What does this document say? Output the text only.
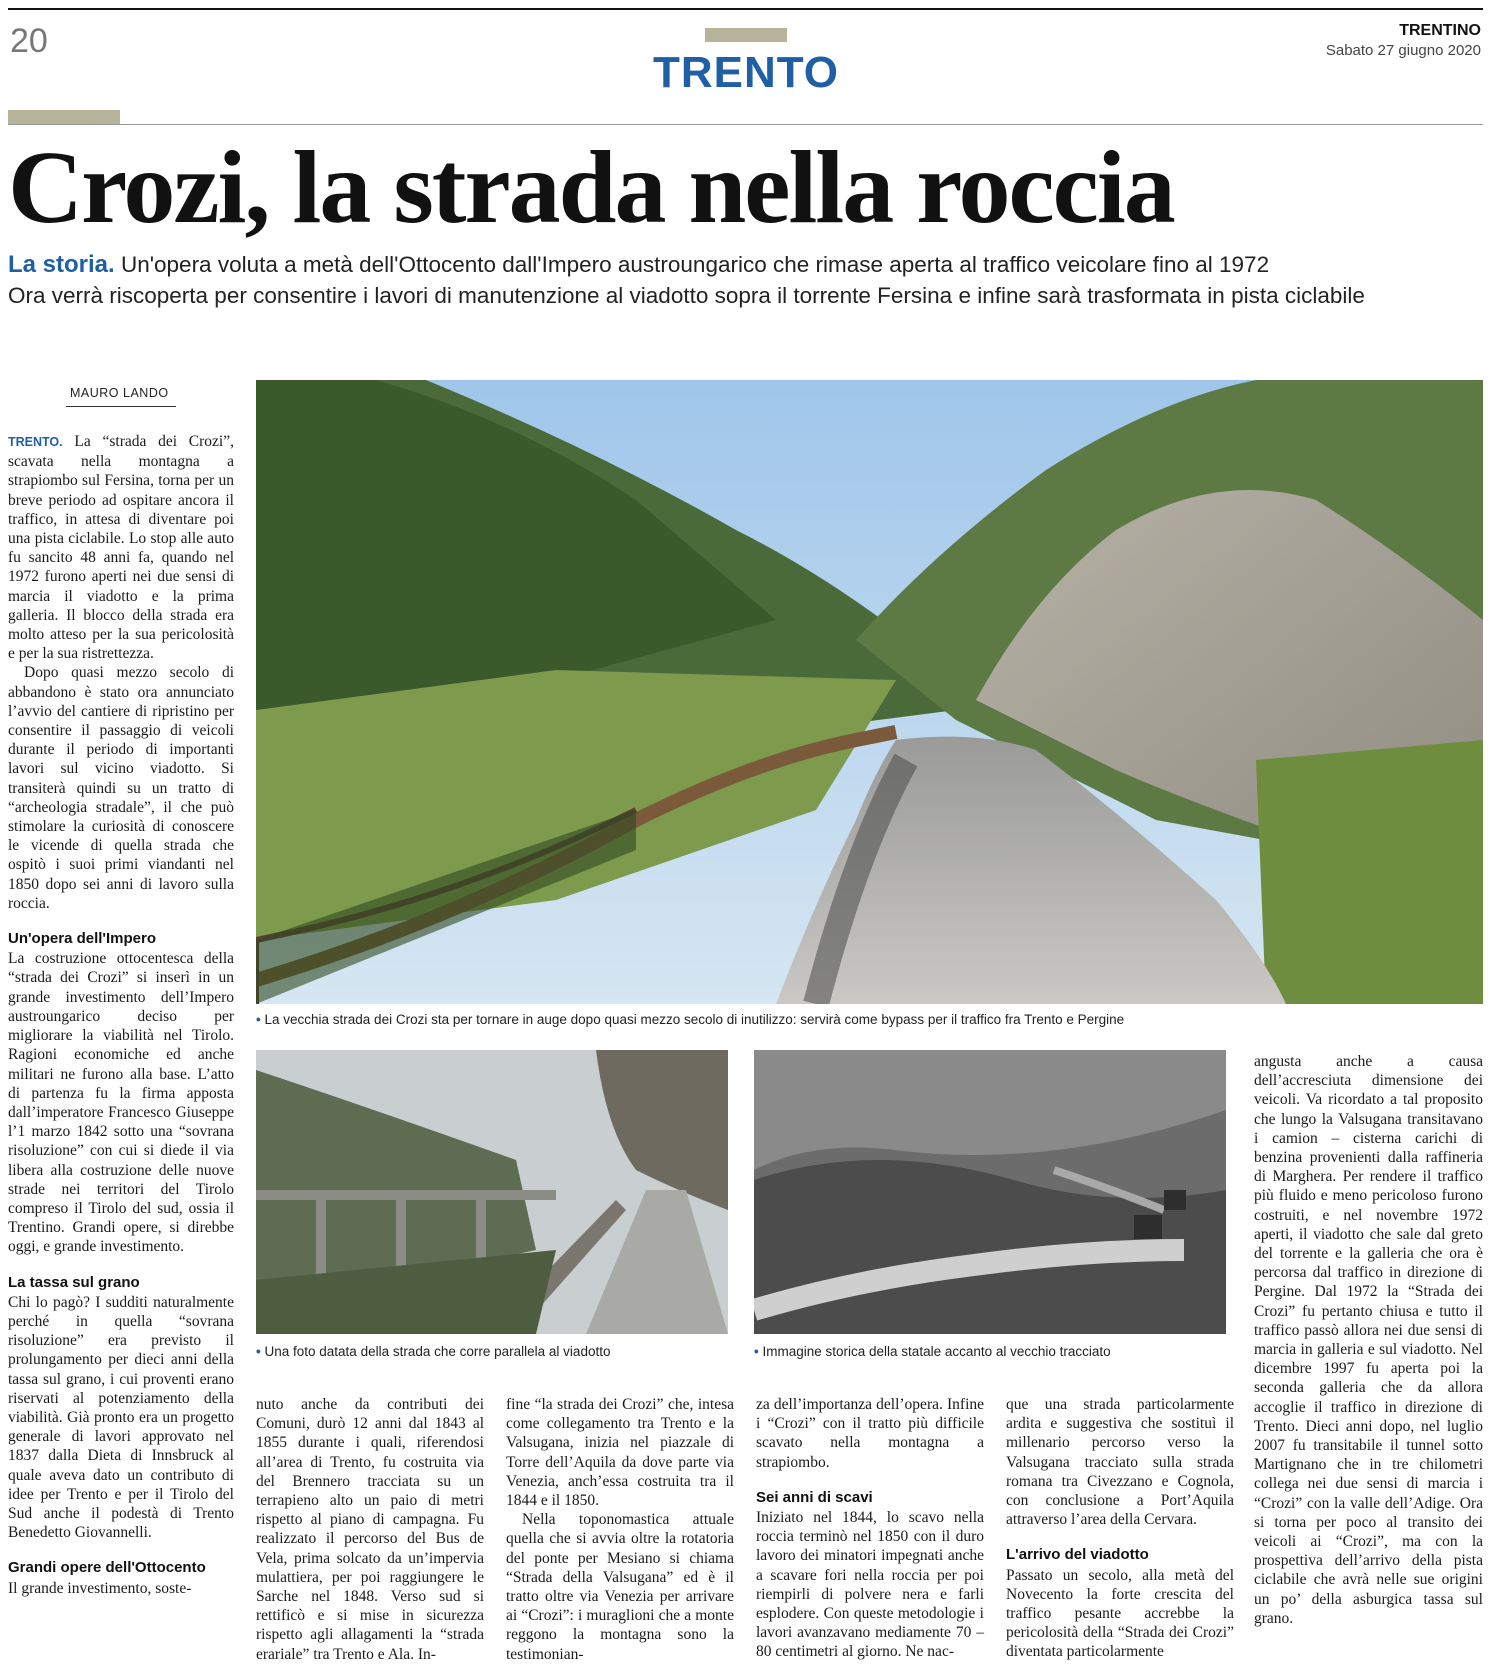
20
TRENTO
TRENTINO
Sabato 27 giugno 2020
Crozi, la strada nella roccia
La storia. Un'opera voluta a metà dell'Ottocento dall'Impero austroungarico che rimase aperta al traffico veicolare fino al 1972
Ora verrà riscoperta per consentire i lavori di manutenzione al viadotto sopra il torrente Fersina e infine sarà trasformata in pista ciclabile
MAURO LANDO

TRENTO. La “strada dei Crozi”, scavata nella montagna a strapiombo sul Fersina, torna per un breve periodo ad ospitare ancora il traffico, in attesa di diventare poi una pista ciclabile. Lo stop alle auto fu sancito 48 anni fa, quando nel 1972 furono aperti nei due sensi di marcia il viadotto e la prima galleria. Il blocco della strada era molto atteso per la sua pericolosità e per la sua ristrettezza.

Dopo quasi mezzo secolo di abbandono è stato ora annunciato l’avvio del cantiere di ripristino per consentire il passaggio di veicoli durante il periodo di importanti lavori sul vicino viadotto. Si transiterà quindi su un tratto di “archeologia stradale”, il che può stimolare la curiosità di conoscere le vicende di quella strada che ospitò i suoi primi viandanti nel 1850 dopo sei anni di lavoro sulla roccia.

Un'opera dell'Impero

La costruzione ottocentesca della “strada dei Crozi” si inserì in un grande investimento dell’Impero austroungarico deciso per migliorare la viabilità nel Tirolo. Ragioni economiche ed anche militari ne furono alla base. L’atto di partenza fu la firma apposta dall’imperatore Francesco Giuseppe l’1 marzo 1842 sotto una “sovrana risoluzione” con cui si diede il via libera alla costruzione delle nuove strade nei territori del Tirolo compreso il Tirolo del sud, ossia il Trentino. Grandi opere, si direbbe oggi, e grande investimento.

La tassa sul grano

Chi lo pagò? I sudditi naturalmente perché in quella “sovrana risoluzione” era previsto il prolungamento per dieci anni della tassa sul grano, i cui proventi erano riservati al potenziamento della viabilità. Già pronto era un progetto generale di lavori approvato nel 1837 dalla Dieta di Innsbruck al quale aveva dato un contributo di idee per Trento e per il Tirolo del Sud anche il podestà di Trento Benedetto Giovannelli.

Grandi opere dell'Ottocento

Il grande investimento, soste-

• La vecchia strada dei Crozi sta per tornare in auge dopo quasi mezzo secolo di inutilizzo: servirà come bypass per il traffico fra Trento e Pergine
• Una foto datata della strada che corre parallela al viadotto	• Immagine storica della statale accanto al vecchio tracciato

nuto anche da contributi dei Comuni, durò 12 anni dal 1843 al 1855 durante i quali, riferendosi all’area di Trento, fu costruita via del Brennero tracciata su un terrapieno alto un paio di metri rispetto al piano di campagna. Fu realizzato il percorso del Bus de Vela, prima solcato da un’impervia mulattiera, per poi raggiungere le Sarche nel 1848. Verso sud si rettificò e si mise in sicurezza rispetto agli allagamenti la “strada erariale” tra Trento e Ala. In-

fine “la strada dei Crozi” che, intesa come collegamento tra Trento e la Valsugana, inizia nel piazzale di Torre dell’Aquila da dove parte via Venezia, anch’essa costruita tra il 1844 e il 1850.

Nella toponomastica attuale quella che si avvia oltre la rotatoria del ponte per Mesiano si chiama “Strada della Valsugana” ed è il tratto oltre via Venezia per arrivare ai “Crozi”: i muraglioni che a monte reggono la montagna sono la testimonian-

za dell’importanza dell’opera. Infine i “Crozi” con il tratto più difficile scavato nella montagna a strapiombo.

Sei anni di scavi

Iniziato nel 1844, lo scavo nella roccia terminò nel 1850 con il duro lavoro dei minatori impegnati anche a scavare fori nella roccia per poi riempirli di polvere nera e farli esplodere. Con queste metodologie i lavori avanzavano mediamente 70 – 80 centimetri al giorno. Ne nac-

que una strada particolarmente ardita e suggestiva che sostituì il millenario percorso verso la Valsugana tracciato sulla strada romana tra Civezzano e Cognola, con conclusione a Port’Aquila attraverso l’area della Cervara.

L'arrivo del viadotto

Passato un secolo, alla metà del Novecento la forte crescita del traffico pesante accrebbe la pericolosità della “Strada dei Crozi” diventata particolarmente

angusta anche a causa dell’accresciuta dimensione dei veicoli. Va ricordato a tal proposito che lungo la Valsugana transitavano i camion – cisterna carichi di benzina provenienti dalla raffineria di Marghera. Per rendere il traffico più fluido e meno pericoloso furono costruiti, e nel novembre 1972 aperti, il viadotto che sale dal greto del torrente e la galleria che ora è percorsa dal traffico in direzione di Pergine. Dal 1972 la “Strada dei Crozi” fu pertanto chiusa e tutto il traffico passò allora nei due sensi di marcia in galleria e sul viadotto. Nel dicembre 1997 fu aperta poi la seconda galleria che da allora accoglie il traffico in direzione di Trento. Dieci anni dopo, nel luglio 2007 fu transitabile il tunnel sotto Martignano che in tre chilometri collega nei due sensi di marcia i “Crozi” con la valle dell’Adige. Ora si torna per poco al transito dei veicoli ai “Crozi”, ma con la prospettiva dell’arrivo della pista ciclabile che avrà nelle sue origini un po’ della asburgica tassa sul grano.
